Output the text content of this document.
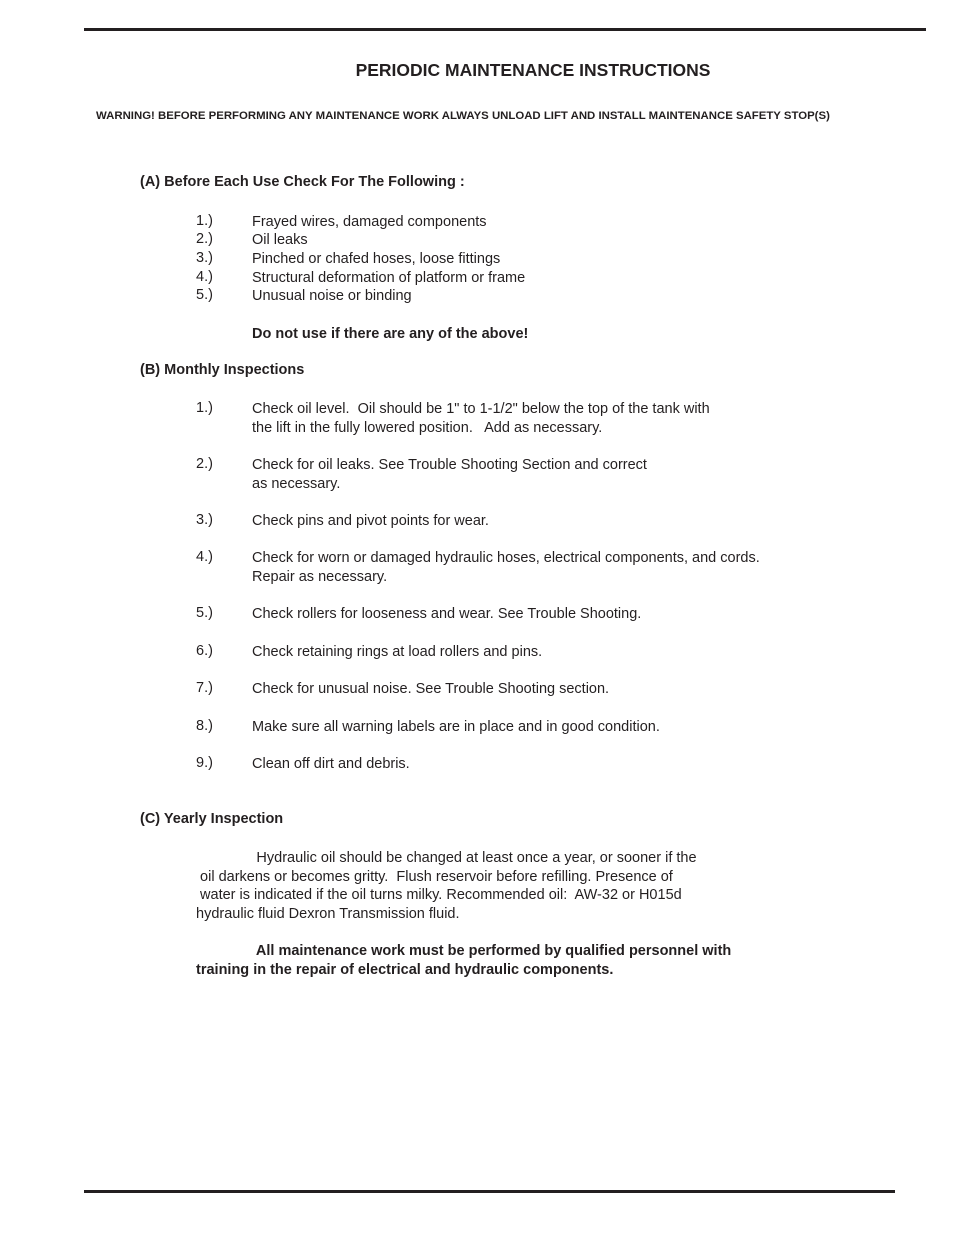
PERIODIC MAINTENANCE INSTRUCTIONS
WARNING! BEFORE PERFORMING ANY MAINTENANCE WORK ALWAYS UNLOAD LIFT AND INSTALL MAINTENANCE SAFETY STOP(S)
(A) Before Each Use Check For The Following :
1.)	Frayed wires, damaged components
2.)	Oil leaks
3.)	Pinched or chafed hoses, loose fittings
4.)	Structural deformation of platform or frame
5.)	Unusual noise or binding
Do not use if there are any of the above!
(B) Monthly Inspections
1.)	Check oil level.  Oil should be 1" to 1-1/2" below the top of the tank with
the lift in the fully lowered position.   Add as necessary.
2.)	Check for oil leaks. See Trouble Shooting Section and correct
as necessary.
3.)	Check pins and pivot points for wear.
4.)	Check for worn or damaged hydraulic hoses, electrical components, and cords.
Repair as necessary.
5.)	Check rollers for looseness and wear. See Trouble Shooting.
6.)	Check retaining rings at load rollers and pins.
7.)	Check for unusual noise. See Trouble Shooting section.
8.)	Make sure all warning labels are in place and in good condition.
9.)	Clean off dirt and debris.
(C) Yearly Inspection
Hydraulic oil should be changed at least once a year, or sooner if the
oil darkens or becomes gritty.  Flush reservoir before refilling. Presence of
water is indicated if the oil turns milky. Recommended oil:  AW-32 or H015d
hydraulic fluid Dexron Transmission fluid.
All maintenance work must be performed by qualified personnel with
training in the repair of electrical and hydraulic components.
